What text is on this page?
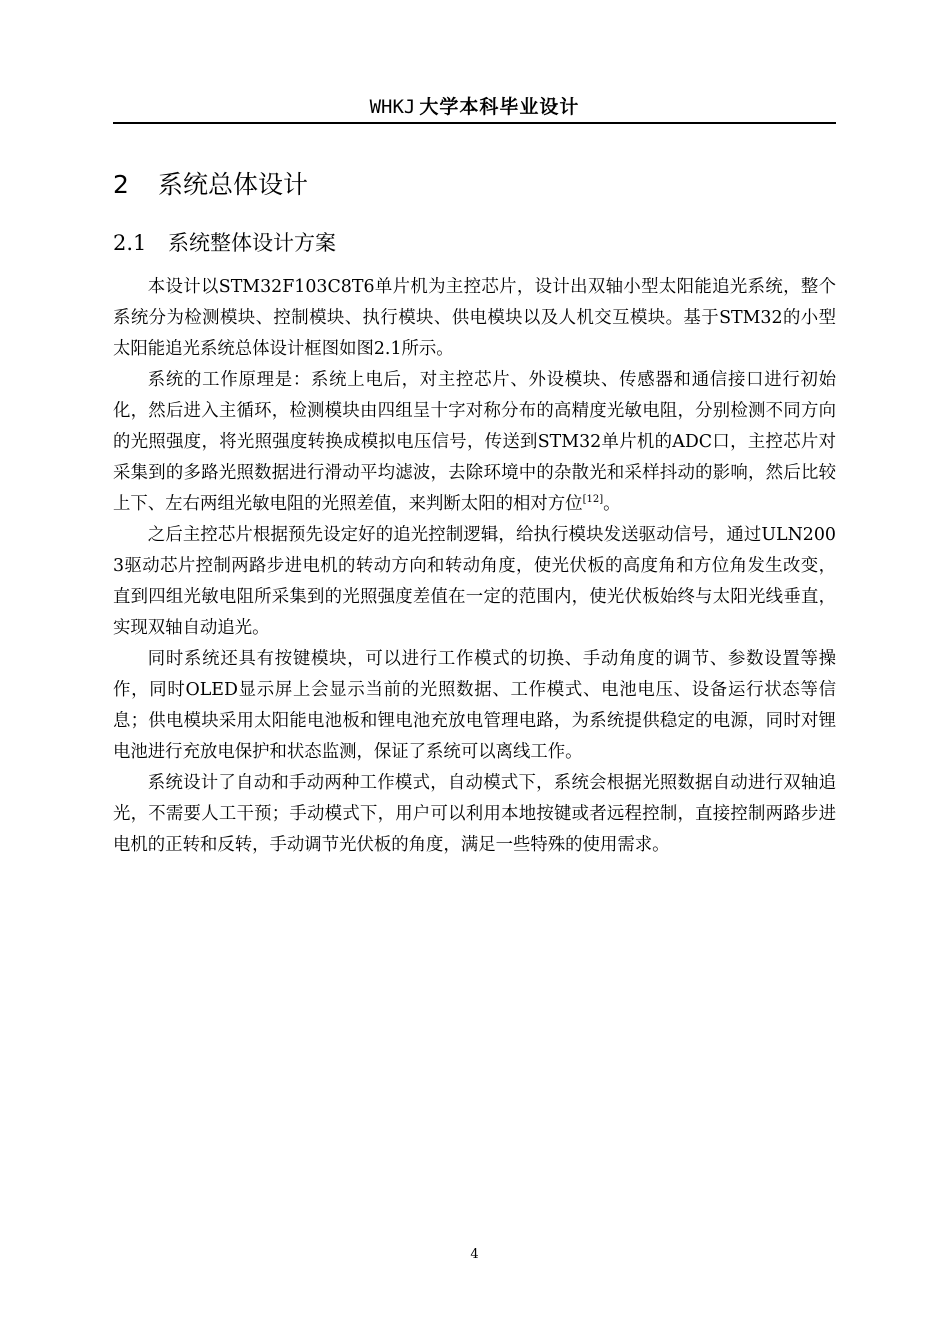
WHKJ 大学本科毕业设计
2 系统总体设计
2.1 系统整体设计方案

本设计以STM32F103C8T6单片机为主控芯片，设计出双轴小型太阳能追光系统，整个系统分为检测模块、控制模块、执行模块、供电模块以及人机交互模块。基于STM32的小型太阳能追光系统总体设计框图如图2.1所示。

系统的工作原理是：系统上电后，对主控芯片、外设模块、传感器和通信接口进行初始化，然后进入主循环，检测模块由四组呈十字对称分布的高精度光敏电阻，分别检测不同方向的光照强度，将光照强度转换成模拟电压信号，传送到STM32单片机的ADC口，主控芯片对采集到的多路光照数据进行滑动平均滤波，去除环境中的杂散光和采样抖动的影响，然后比较上下、左右两组光敏电阻的光照差值，来判断太阳的相对方位[12]。

之后主控芯片根据预先设定好的追光控制逻辑，给执行模块发送驱动信号，通过ULN2003驱动芯片控制两路步进电机的转动方向和转动角度，使光伏板的高度角和方位角发生改变，直到四组光敏电阻所采集到的光照强度差值在一定的范围内，使光伏板始终与太阳光线垂直，实现双轴自动追光。

同时系统还具有按键模块，可以进行工作模式的切换、手动角度的调节、参数设置等操作，同时OLED显示屏上会显示当前的光照数据、工作模式、电池电压、设备运行状态等信息；供电模块采用太阳能电池板和锂电池充放电管理电路，为系统提供稳定的电源，同时对锂电池进行充放电保护和状态监测，保证了系统可以离线工作。

系统设计了自动和手动两种工作模式，自动模式下，系统会根据光照数据自动进行双轴追光，不需要人工干预；手动模式下，用户可以利用本地按键或者远程控制，直接控制两路步进电机的正转和反转，手动调节光伏板的角度，满足一些特殊的使用需求。

4
